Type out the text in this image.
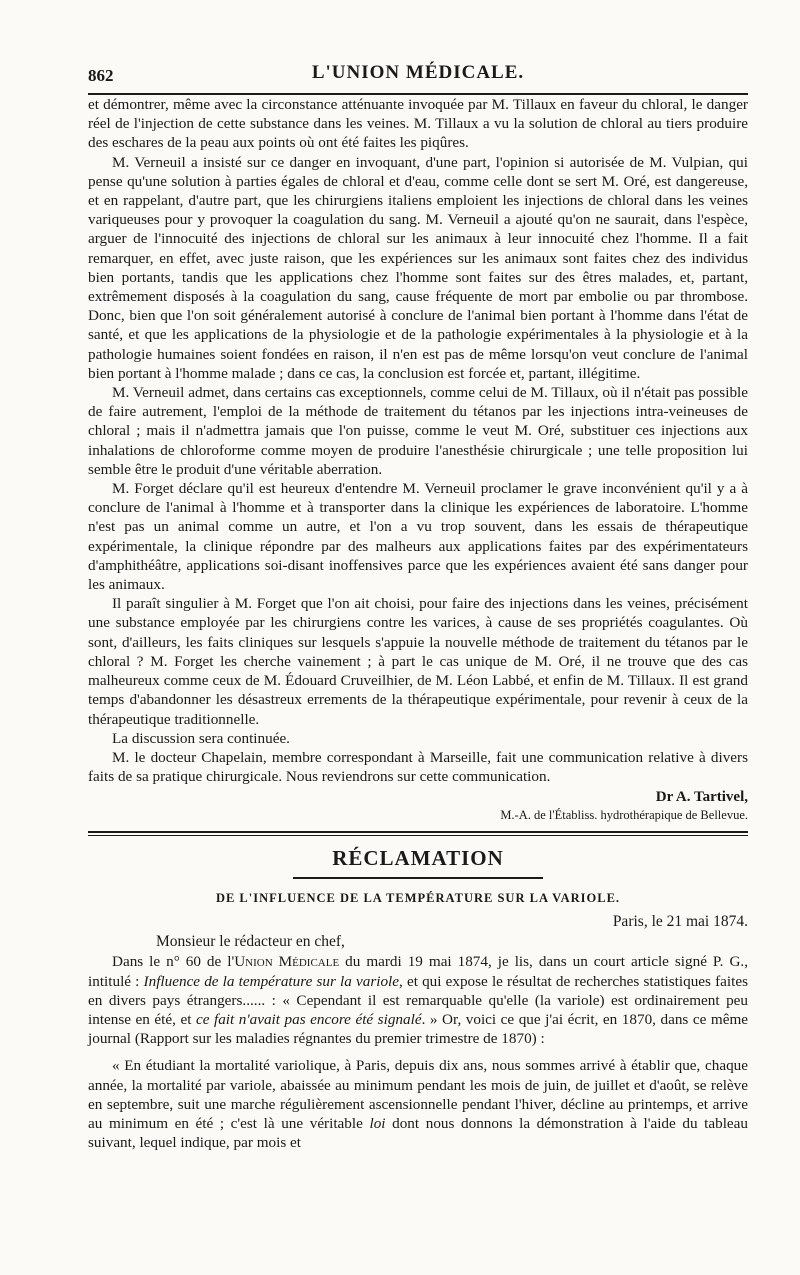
862	L'UNION MÉDICALE.

et démontrer, même avec la circonstance atténuante invoquée par M. Tillaux en faveur du chloral, le danger réel de l'injection de cette substance dans les veines. M. Tillaux a vu la solution de chloral au tiers produire des eschares de la peau aux points où ont été faites les piqûres.

M. Verneuil a insisté sur ce danger en invoquant, d'une part, l'opinion si autorisée de M. Vulpian, qui pense qu'une solution à parties égales de chloral et d'eau, comme celle dont se sert M. Oré, est dangereuse, et en rappelant, d'autre part, que les chirurgiens italiens emploient les injections de chloral dans les veines variqueuses pour y provoquer la coagulation du sang. M. Verneuil a ajouté qu'on ne saurait, dans l'espèce, arguer de l'innocuité des injections de chloral sur les animaux à leur innocuité chez l'homme. Il a fait remarquer, en effet, avec juste raison, que les expériences sur les animaux sont faites chez des individus bien portants, tandis que les applications chez l'homme sont faites sur des êtres malades, et, partant, extrêmement disposés à la coagulation du sang, cause fréquente de mort par embolie ou par thrombose. Donc, bien que l'on soit généralement autorisé à conclure de l'animal bien portant à l'homme dans l'état de santé, et que les applications de la physiologie et de la pathologie expérimentales à la physiologie et à la pathologie humaines soient fondées en raison, il n'en est pas de même lorsqu'on veut conclure de l'animal bien portant à l'homme malade ; dans ce cas, la conclusion est forcée et, partant, illégitime.

M. Verneuil admet, dans certains cas exceptionnels, comme celui de M. Tillaux, où il n'était pas possible de faire autrement, l'emploi de la méthode de traitement du tétanos par les injections intra-veineuses de chloral ; mais il n'admettra jamais que l'on puisse, comme le veut M. Oré, substituer ces injections aux inhalations de chloroforme comme moyen de produire l'anesthésie chirurgicale ; une telle proposition lui semble être le produit d'une véritable aberration.

M. Forget déclare qu'il est heureux d'entendre M. Verneuil proclamer le grave inconvénient qu'il y a à conclure de l'animal à l'homme et à transporter dans la clinique les expériences de laboratoire. L'homme n'est pas un animal comme un autre, et l'on a vu trop souvent, dans les essais de thérapeutique expérimentale, la clinique répondre par des malheurs aux applications faites par des expérimentateurs d'amphithéâtre, applications soi-disant inoffensives parce que les expériences avaient été sans danger pour les animaux.

Il paraît singulier à M. Forget que l'on ait choisi, pour faire des injections dans les veines, précisément une substance employée par les chirurgiens contre les varices, à cause de ses propriétés coagulantes. Où sont, d'ailleurs, les faits cliniques sur lesquels s'appuie la nouvelle méthode de traitement du tétanos par le chloral ? M. Forget les cherche vainement ; à part le cas unique de M. Oré, il ne trouve que des cas malheureux comme ceux de M. Édouard Cruveilhier, de M. Léon Labbé, et enfin de M. Tillaux. Il est grand temps d'abandonner les désastreux errements de la thérapeutique expérimentale, pour revenir à ceux de la thérapeutique traditionnelle.

La discussion sera continuée.

M. le docteur Chapelain, membre correspondant à Marseille, fait une communication relative à divers faits de sa pratique chirurgicale. Nous reviendrons sur cette communication.

Dr A. Tartivel,
M.-A. de l'Établiss. hydrothérapique de Bellevue.
RÉCLAMATION
DE L'INFLUENCE DE LA TEMPÉRATURE SUR LA VARIOLE.
Paris, le 21 mai 1874.

Monsieur le rédacteur en chef,

Dans le n° 60 de l'Union Médicale du mardi 19 mai 1874, je lis, dans un court article signé P. G., intitulé : Influence de la température sur la variole, et qui expose le résultat de recherches statistiques faites en divers pays étrangers...... : « Cependant il est remarquable qu'elle (la variole) est ordinairement peu intense en été, et ce fait n'avait pas encore été signalé. » Or, voici ce que j'ai écrit, en 1870, dans ce même journal (Rapport sur les maladies régnantes du premier trimestre de 1870) :

« En étudiant la mortalité variolique, à Paris, depuis dix ans, nous sommes arrivé à établir que, chaque année, la mortalité par variole, abaissée au minimum pendant les mois de juin, de juillet et d'août, se relève en septembre, suit une marche régulièrement ascensionnelle pendant l'hiver, décline au printemps, et arrive au minimum en été ; c'est là une véritable loi dont nous donnons la démonstration à l'aide du tableau suivant, lequel indique, par mois et
